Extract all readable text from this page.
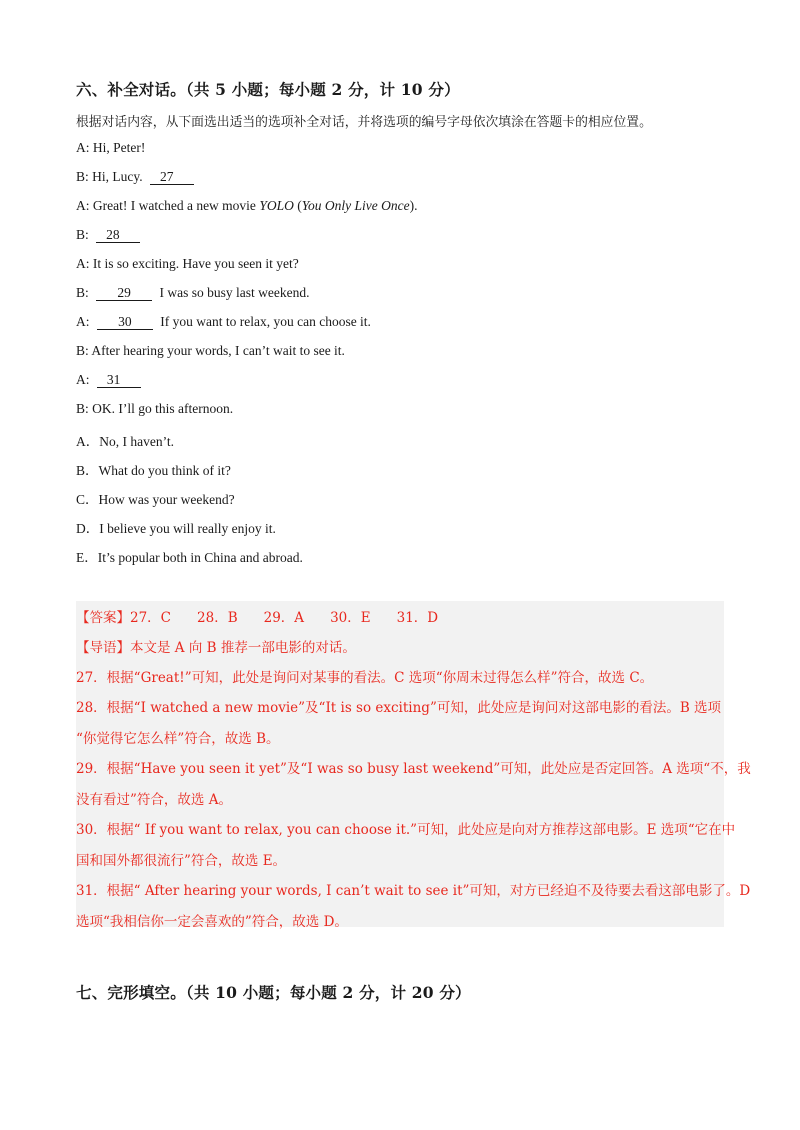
六、补全对话。（共 5 小题；每小题 2 分，计 10 分）
根据对话内容，从下面选出适当的选项补全对话，并将选项的编号字母依次填涂在答题卡的相应位置。
A: Hi, Peter!
B: Hi, Lucy. 27
A: Great! I watched a new movie YOLO (You Only Live Once).
B: 28
A: It is so exciting. Have you seen it yet?
B: 29 I was so busy last weekend.
A: 30 If you want to relax, you can choose it.
B: After hearing your words, I can’t wait to see it.
A: 31
B: OK. I’ll go this afternoon.
A．No, I haven’t.
B．What do you think of it?
C．How was your weekend?
D．I believe you will really enjoy it.
E．It’s popular both in China and abroad.
【答案】27．C 28．B 29．A 30．E 31．D
【导语】本文是 A 向 B 推荐一部电影的对话。
27．根据“Great!”可知，此处是询问对某事的看法。C 选项“你周末过得怎么样”符合，故选 C。
28．根据“I watched a new movie”及“It is so exciting”可知，此处应是询问对这部电影的看法。B 选项
“你觉得它怎么样”符合，故选 B。
29．根据“Have you seen it yet”及“I was so busy last weekend”可知，此处应是否定回答。A 选项“不，我
没有看过”符合，故选 A。
30．根据“ If you want to relax, you can choose it.”可知，此处应是向对方推荐这部电影。E 选项“它在中
国和国外都很流行”符合，故选 E。
31．根据“ After hearing your words, I can’t wait to see it”可知，对方已经迫不及待要去看这部电影了。D
选项“我相信你一定会喜欢的”符合，故选 D。
七、完形填空。（共 10 小题；每小题 2 分，计 20 分）
